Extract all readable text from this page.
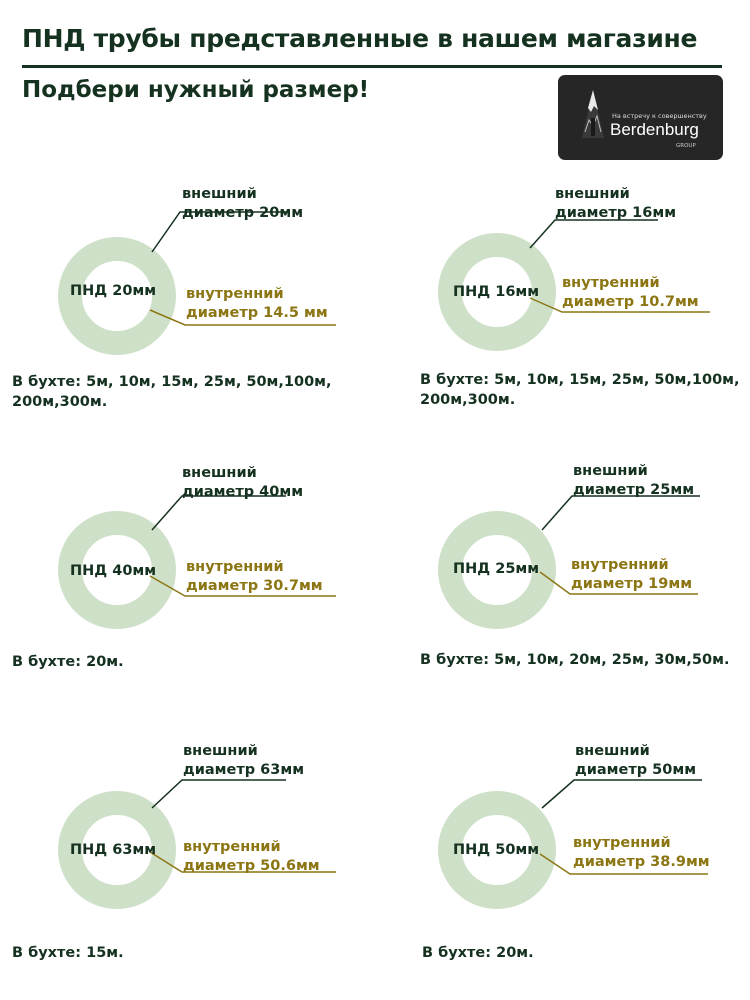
ПНД трубы представленные в нашем магазине
Подбери нужный размер!
На встречу к совершенству
Berdenburg
GROUP
ПНД 20мм
внешний
диаметр 20мм
внутренний
диаметр 14.5 мм
В бухте: 5м, 10м, 15м, 25м, 50м,100м, 200м,300м.
ПНД 16мм
внешний
диаметр 16мм
внутренний
диаметр 10.7мм
В бухте: 5м, 10м, 15м, 25м, 50м,100м, 200м,300м.
ПНД 40мм
внешний
диаметр 40мм
внутренний
диаметр 30.7мм
В бухте: 20м.
ПНД 25мм
внешний
диаметр 25мм
внутренний
диаметр 19мм
В бухте: 5м, 10м, 20м, 25м, 30м,50м.
ПНД 63мм
внешний
диаметр 63мм
внутренний
диаметр 50.6мм
В бухте: 15м.
ПНД 50мм
внешний
диаметр 50мм
внутренний
диаметр 38.9мм
В бухте: 20м.
